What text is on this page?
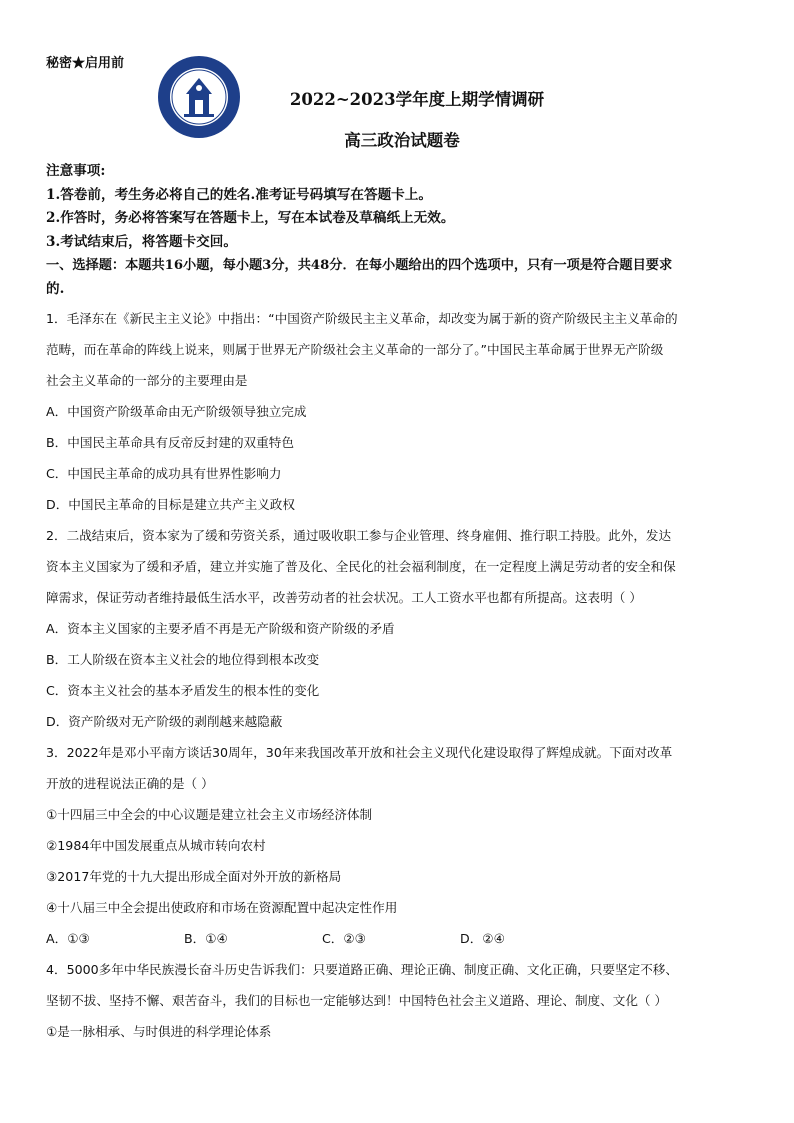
秘密★启用前
2022~2023学年度上期学情调研
高三政治试题卷

注意事项:

1.答卷前，考生务必将自己的姓名.准考证号码填写在答题卡上。

2.作答时，务必将答案写在答题卡上，写在本试卷及草稿纸上无效。

3.考试结束后，将答题卡交回。

一、选择题：本题共16小题，每小题3分，共48分．在每小题给出的四个选项中，只有一项是符合题目要求

的.

1．毛泽东在《新民主主义论》中指出：“中国资产阶级民主主义革命，却改变为属于新的资产阶级民主主义革命的

范畴，而在革命的阵线上说来，则属于世界无产阶级社会主义革命的一部分了。”中国民主革命属于世界无产阶级

社会主义革命的一部分的主要理由是

A．中国资产阶级革命由无产阶级领导独立完成

B．中国民主革命具有反帝反封建的双重特色

C．中国民主革命的成功具有世界性影响力

D．中国民主革命的目标是建立共产主义政权

2．二战结束后，资本家为了缓和劳资关系，通过吸收职工参与企业管理、终身雇佣、推行职工持股。此外，发达

资本主义国家为了缓和矛盾，建立并实施了普及化、全民化的社会福利制度，在一定程度上满足劳动者的安全和保

障需求，保证劳动者维持最低生活水平，改善劳动者的社会状况。工人工资水平也都有所提高。这表明（ ）

A．资本主义国家的主要矛盾不再是无产阶级和资产阶级的矛盾

B．工人阶级在资本主义社会的地位得到根本改变

C．资本主义社会的基本矛盾发生的根本性的变化

D．资产阶级对无产阶级的剥削越来越隐蔽

3．2022年是邓小平南方谈话30周年，30年来我国改革开放和社会主义现代化建设取得了辉煌成就。下面对改革

开放的进程说法正确的是（ ）

①十四届三中全会的中心议题是建立社会主义市场经济体制

②1984年中国发展重点从城市转向农村

③2017年党的十九大提出形成全面对外开放的新格局

④十八届三中全会提出使政府和市场在资源配置中起决定性作用

A．①③	B．①④	C．②③	D．②④

4．5000多年中华民族漫长奋斗历史告诉我们：只要道路正确、理论正确、制度正确、文化正确，只要坚定不移、

坚韧不拔、坚持不懈、艰苦奋斗，我们的目标也一定能够达到！中国特色社会主义道路、理论、制度、文化（ ）

①是一脉相承、与时俱进的科学理论体系
